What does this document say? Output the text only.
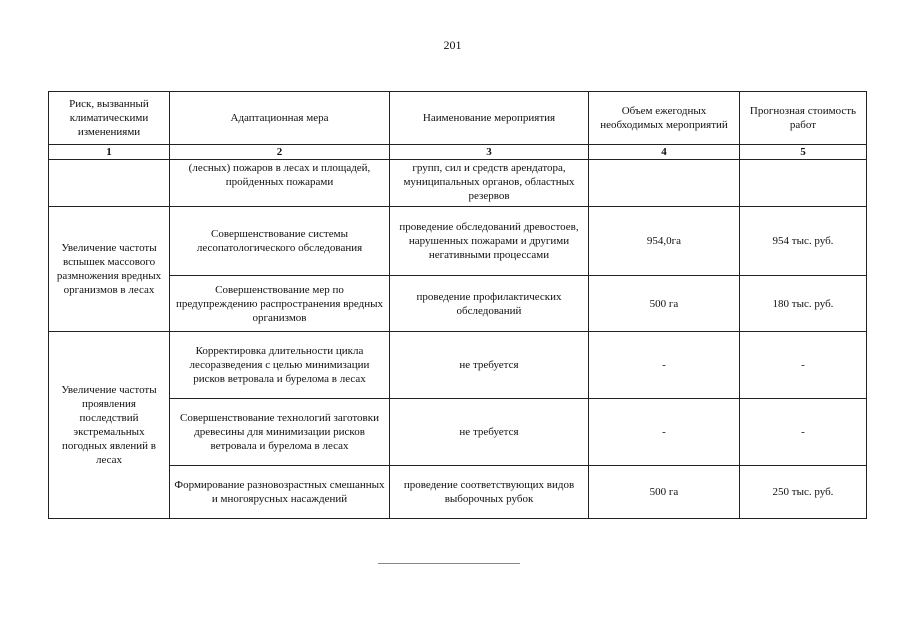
201
Риск, вызванный климатическими изменениями	Адаптационная мера	Наименование мероприятия	Объем ежегодных необходимых мероприятий	Прогнозная стоимость работ
1	2	3	4	5
	(лесных) пожаров в лесах и площадей, пройденных пожарами	групп, сил и средств арендатора, муниципальных органов, областных резервов		
Увеличение частоты вспышек массового размножения вредных организмов в лесах	Совершенствование системы лесопатологического обследования	проведение обследований древостоев, нарушенных пожарами и другими негативными процессами	954,0га	954 тыс. руб.
	Совершенствование мер по предупреждению распространения вредных организмов	проведение профилактических обследований	500 га	180 тыс. руб.
Увеличение частоты проявления последствий экстремальных погодных явлений в лесах	Корректировка длительности цикла лесоразведения с целью минимизации рисков ветровала и бурелома в лесах	не требуется	-	-
	Совершенствование технологий заготовки древесины для минимизации рисков ветровала и бурелома в лесах	не требуется	-	-
	Формирование разновозрастных смешанных и многоярусных насаждений	проведение соответствующих видов выборочных рубок	500 га	250 тыс. руб.
